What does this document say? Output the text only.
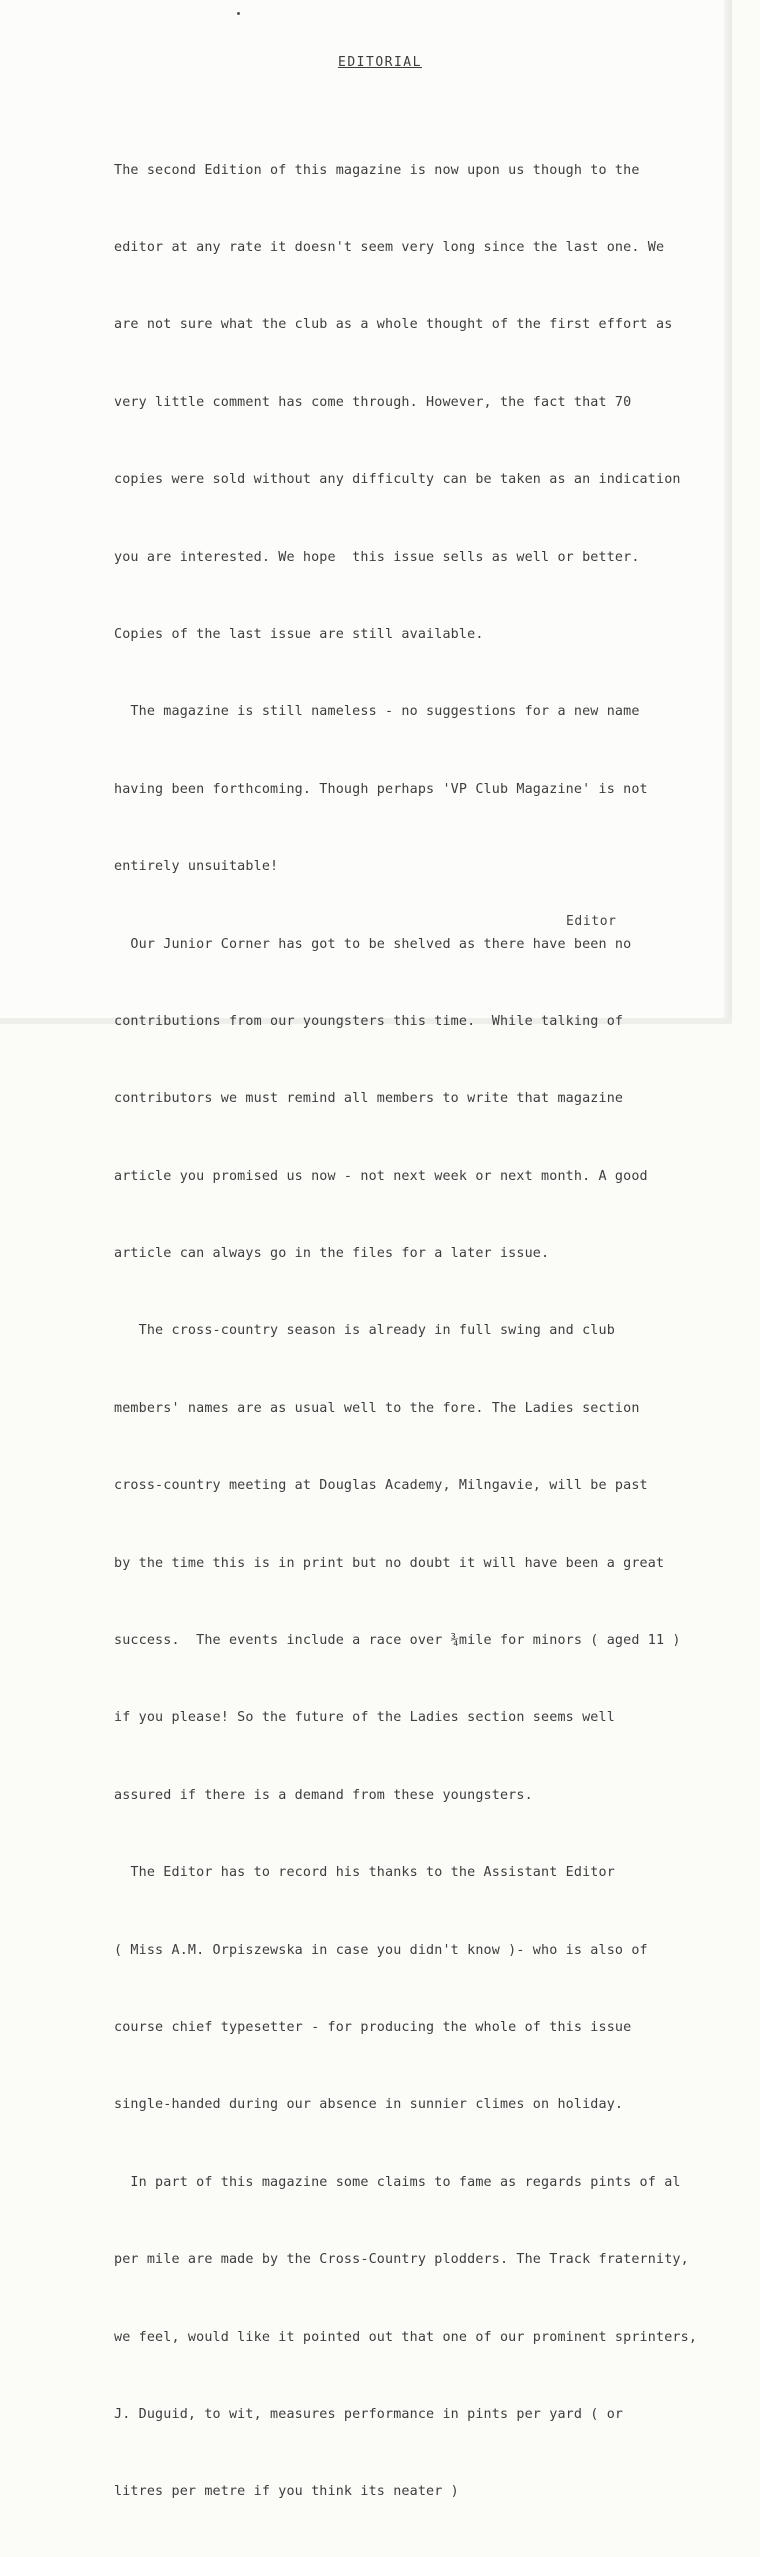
EDITORIAL

The second Edition of this magazine is now upon us though to the

editor at any rate it doesn't seem very long since the last one. We

are not sure what the club as a whole thought of the first effort as

very little comment has come through. However, the fact that 70

copies were sold without any difficulty can be taken as an indication

you are interested. We hope  this issue sells as well or better.

Copies of the last issue are still available.

The magazine is still nameless - no suggestions for a new name

having been forthcoming. Though perhaps 'VP Club Magazine' is not

entirely unsuitable!

Our Junior Corner has got to be shelved as there have been no

contributions from our youngsters this time.  While talking of

contributors we must remind all members to write that magazine

article you promised us now - not next week or next month. A good

article can always go in the files for a later issue.

The cross-country season is already in full swing and club

members' names are as usual well to the fore. The Ladies section

cross-country meeting at Douglas Academy, Milngavie, will be past

by the time this is in print but no doubt it will have been a great

success.  The events include a race over ¾mile for minors ( aged 11 )

if you please! So the future of the Ladies section seems well

assured if there is a demand from these youngsters.

The Editor has to record his thanks to the Assistant Editor

( Miss A.M. Orpiszewska in case you didn't know )- who is also of

course chief typesetter - for producing the whole of this issue

single-handed during our absence in sunnier climes on holiday.

In part of this magazine some claims to fame as regards pints of al

per mile are made by the Cross-Country plodders. The Track fraternity,

we feel, would like it pointed out that one of our prominent sprinters,

J. Duguid, to wit, measures performance in pints per yard ( or

litres per metre if you think its neater )

Editor
